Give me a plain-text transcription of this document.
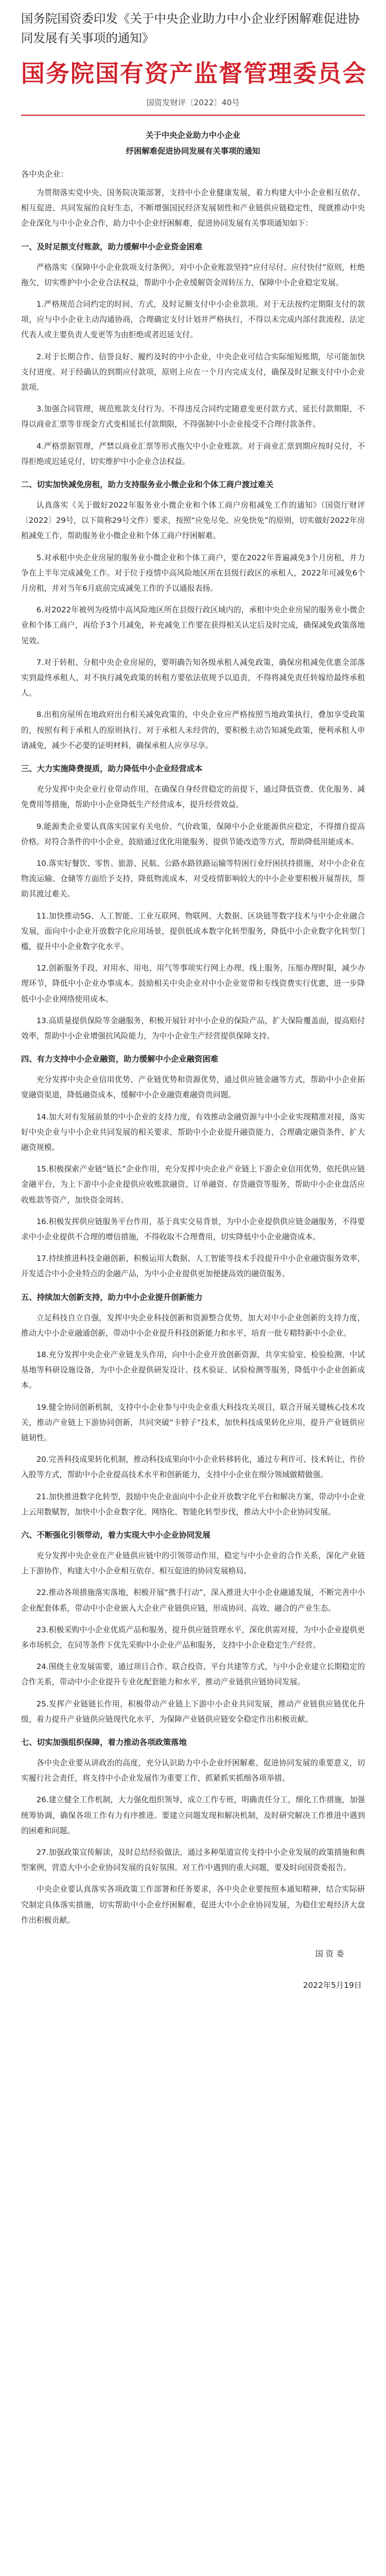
国务院国资委印发《关于中央企业助力中小企业纾困解难促进协同发展有关事项的通知》
国务院国有资产监督管理委员会
国资发财评〔2022〕40号
关于中央企业助力中小企业
纾困解难促进协同发展有关事项的通知
各中央企业：

为贯彻落实党中央、国务院决策部署，支持中小企业健康发展，着力构建大中小企业相互依存、相互促进、共同发展的良好生态，不断增强国民经济发展韧性和产业链供应链稳定性，现就推动中央企业深化与中小企业合作，助力中小企业纾困解难，促进协同发展有关事项通知如下：

一、及时足额支付账款，助力缓解中小企业资金困难

严格落实《保障中小企业款项支付条例》，对中小企业账款坚持“应付尽付、应付快付”原则，杜绝拖欠，切实维护中小企业合法权益，帮助中小企业缓解资金周转压力，保障中小企业稳定发展。

1.严格规范合同约定的时间、方式，及时足额支付中小企业款项。对于无法按约定期限支付的款项，应与中小企业主动沟通协商，合理确定支付计划并严格执行，不得以未完成内部付款流程、法定代表人或主要负责人变更等为由拒绝或者迟延支付。

2.对于长期合作、信誉良好、履约及时的中小企业，中央企业可结合实际缩短账期，尽可能加快支付进度。对于经确认的到期应付款项，原则上应在一个月内完成支付，确保及时足额支付中小企业款项。

3.加强合同管理，规范账款支付行为。不得违反合同约定随意变更付款方式、延长付款期限，不得以商业汇票等非现金方式变相延长付款期限，不得强制中小企业接受不合理付款条件。

4.严格票据管理，严禁以商业汇票等形式拖欠中小企业账款。对于商业汇票到期应按时兑付，不得拒绝或迟延兑付，切实维护中小企业合法权益。

二、切实加快减免房租，助力支持服务业小微企业和个体工商户渡过难关

认真落实《关于做好2022年服务业小微企业和个体工商户房租减免工作的通知》（国资厅财评〔2022〕29号，以下简称29号文件）要求，按照“应免尽免、应免快免”的原则，切实做好2022年房租减免工作，帮助服务业小微企业和个体工商户纾困解难。

5.对承租中央企业房屋的服务业小微企业和个体工商户，要在2022年普遍减免3个月房租，并力争在上半年完成减免工作。对于位于疫情中高风险地区所在县级行政区的承租人，2022年可减免6个月房租，并对当年6月底前完成减免工作的予以通报表扬。

6.对2022年被列为疫情中高风险地区所在县级行政区域内的，承租中央企业房屋的服务业小微企业和个体工商户，再给予3个月减免，补充减免工作要在获得相关认定后及时完成，确保减免政策落地见效。

7.对于转租、分租中央企业房屋的，要明确告知各级承租人减免政策，确保房租减免优惠全部落实到最终承租人，对不执行减免政策的转租方要依法依规予以追责，不得将减免责任转嫁给最终承租人。

8.出租房屋所在地政府出台相关减免政策的，中央企业应严格按照当地政策执行，叠加享受政策的，按照有利于承租人的原则执行。对于承租人未经营的，要积极主动告知减免政策，便利承租人申请减免，减少不必要的证明材料，确保承租人应享尽享。

三、大力实施降费提质，助力降低中小企业经营成本

充分发挥中央企业行业带动作用，在确保自身经营稳定的前提下，通过降低资费、优化服务、减免费用等措施，帮助中小企业降低生产经营成本，提升经营效益。

9.能源类企业要认真落实国家有关电价、气价政策，保障中小企业能源供应稳定，不得擅自提高价格。对符合条件的中小企业，鼓励通过优化用能服务、提供节能改造等方式，帮助降低用能成本。

10.落实好餐饮、零售、旅游、民航、公路水路铁路运输等特困行业纾困扶持措施，对中小企业在物流运输、仓储等方面给予支持，降低物流成本，对受疫情影响较大的中小企业要积极开展帮扶，帮助其渡过难关。

11.加快推动5G、人工智能、工业互联网、物联网、大数据、区块链等数字技术与中小企业融合发展，面向中小企业开放数字化应用场景，提供低成本数字化转型服务，降低中小企业数字化转型门槛，提升中小企业数字化水平。

12.创新服务手段，对用水、用电、用气等事项实行网上办理、线上服务，压缩办理时限，减少办理环节，降低中小企业办事成本。鼓励相关中央企业对中小企业宽带和专线资费实行优惠，进一步降低中小企业网络使用成本。

13.高质量提供保险等金融服务，积极开展针对中小企业的保险产品，扩大保险覆盖面，提高赔付效率，帮助中小企业增强抗风险能力，为中小企业生产经营提供保障支持。

四、有力支持中小企业融资，助力缓解中小企业融资困难

充分发挥中央企业信用优势、产业链优势和资源优势，通过供应链金融等方式，帮助中小企业拓宽融资渠道，降低融资成本，缓解中小企业融资难融资贵问题。

14.加大对有发展前景的中小企业的支持力度，有效推动金融资源与中小企业实现精准对接，落实好中央企业与中小企业共同发展的相关要求，帮助中小企业提升融资能力，合理确定融资条件，扩大融资规模。

15.积极探索产业链“链长”企业作用，充分发挥中央企业产业链上下游企业信用优势，依托供应链金融平台，为上下游中小企业提供应收账款融资、订单融资、存货融资等服务，帮助中小企业盘活应收账款等资产，加快资金周转。

16.积极发挥供应链服务平台作用，基于真实交易背景，为中小企业提供供应链金融服务，不得要求中小企业提供不合理的增信措施，不得收取不合理费用，切实降低中小企业融资成本。

17.持续推进科技金融创新，积极运用大数据、人工智能等技术手段提升中小企业融资服务效率，开发适合中小企业特点的金融产品，为中小企业提供更加便捷高效的融资服务。

五、持续加大创新支持，助力中小企业提升创新能力

立足科技自立自强，发挥中央企业科技创新和资源整合优势，加大对中小企业创新的支持力度，推动大中小企业融通创新，带动中小企业提升科技创新能力和水平，培育一批专精特新中小企业。

18.充分发挥中央企业产业链龙头作用，向中小企业开放创新资源，共享实验室、检验检测、中试基地等科研设施设备，为中小企业提供研发设计、技术验证、试验检测等服务，降低中小企业创新成本。

19.健全协同创新机制，支持中小企业参与中央企业重大科技攻关项目，联合开展关键核心技术攻关，推动产业链上下游协同创新，共同突破“卡脖子”技术，加快科技成果转化应用，提升产业链供应链韧性。

20.完善科技成果转化机制，推动科技成果向中小企业转移转化，通过专利许可、技术转让、作价入股等方式，帮助中小企业提高技术水平和创新能力，支持中小企业在细分领域做精做强。

21.加快推进数字化转型，鼓励中央企业面向中小企业开放数字化平台和解决方案，带动中小企业上云用数赋智，加快中小企业数字化、网络化、智能化转型步伐，推动大中小企业协同发展。

六、不断强化引领带动，着力实现大中小企业协同发展

充分发挥中央企业在产业链供应链中的引领带动作用，稳定与中小企业的合作关系，深化产业链上下游协作，构建大中小企业相互依存、相互促进的协同发展格局。

22.推动各项措施落实落地，积极开展“携手行动”，深入推进大中小企业融通发展，不断完善中小企业配套体系，带动中小企业嵌入大企业产业链供应链，形成协同、高效、融合的产业生态。

23.积极采购中小企业优质产品和服务，提升供应链管理水平，深化供需对接，为中小企业提供更多市场机会，在同等条件下优先采购中小企业产品和服务，支持中小企业稳定生产经营。

24.围绕主业发展需要，通过项目合作、联合投资、平台共建等方式，与中小企业建立长期稳定的合作关系，带动中小企业提升专业化配套能力和水平，推动产业链供应链协同发展。

25.发挥产业链链长作用，积极带动产业链上下游中小企业共同发展，推动产业链供应链优化升级，着力提升产业链供应链现代化水平，为保障产业链供应链安全稳定作出积极贡献。

七、切实加强组织保障，着力推动各项政策落地

各中央企业要从讲政治的高度，充分认识助力中小企业纾困解难、促进协同发展的重要意义，切实履行社会责任，将支持中小企业发展作为重要工作，抓紧抓实抓细各项举措。

26.建立健全工作机制，大力强化组织领导，成立工作专班，明确责任分工，细化工作措施，加强统筹协调，确保各项工作有力有序推进。要建立问题发现和解决机制，及时研究解决工作推进中遇到的困难和问题。

27.加强政策宣传解读，及时总结经验做法，通过多种渠道宣传支持中小企业发展的政策措施和典型案例，营造大中小企业协同发展的良好氛围。对工作中遇到的重大问题，要及时向国资委报告。

中央企业要认真落实各项政策工作部署和任务要求，各中央企业要按照本通知精神，结合实际研究制定具体落实措施，切实帮助中小企业纾困解难，促进大中小企业协同发展，为稳住宏观经济大盘作出积极贡献。

国 资 委
2022年5月19日
